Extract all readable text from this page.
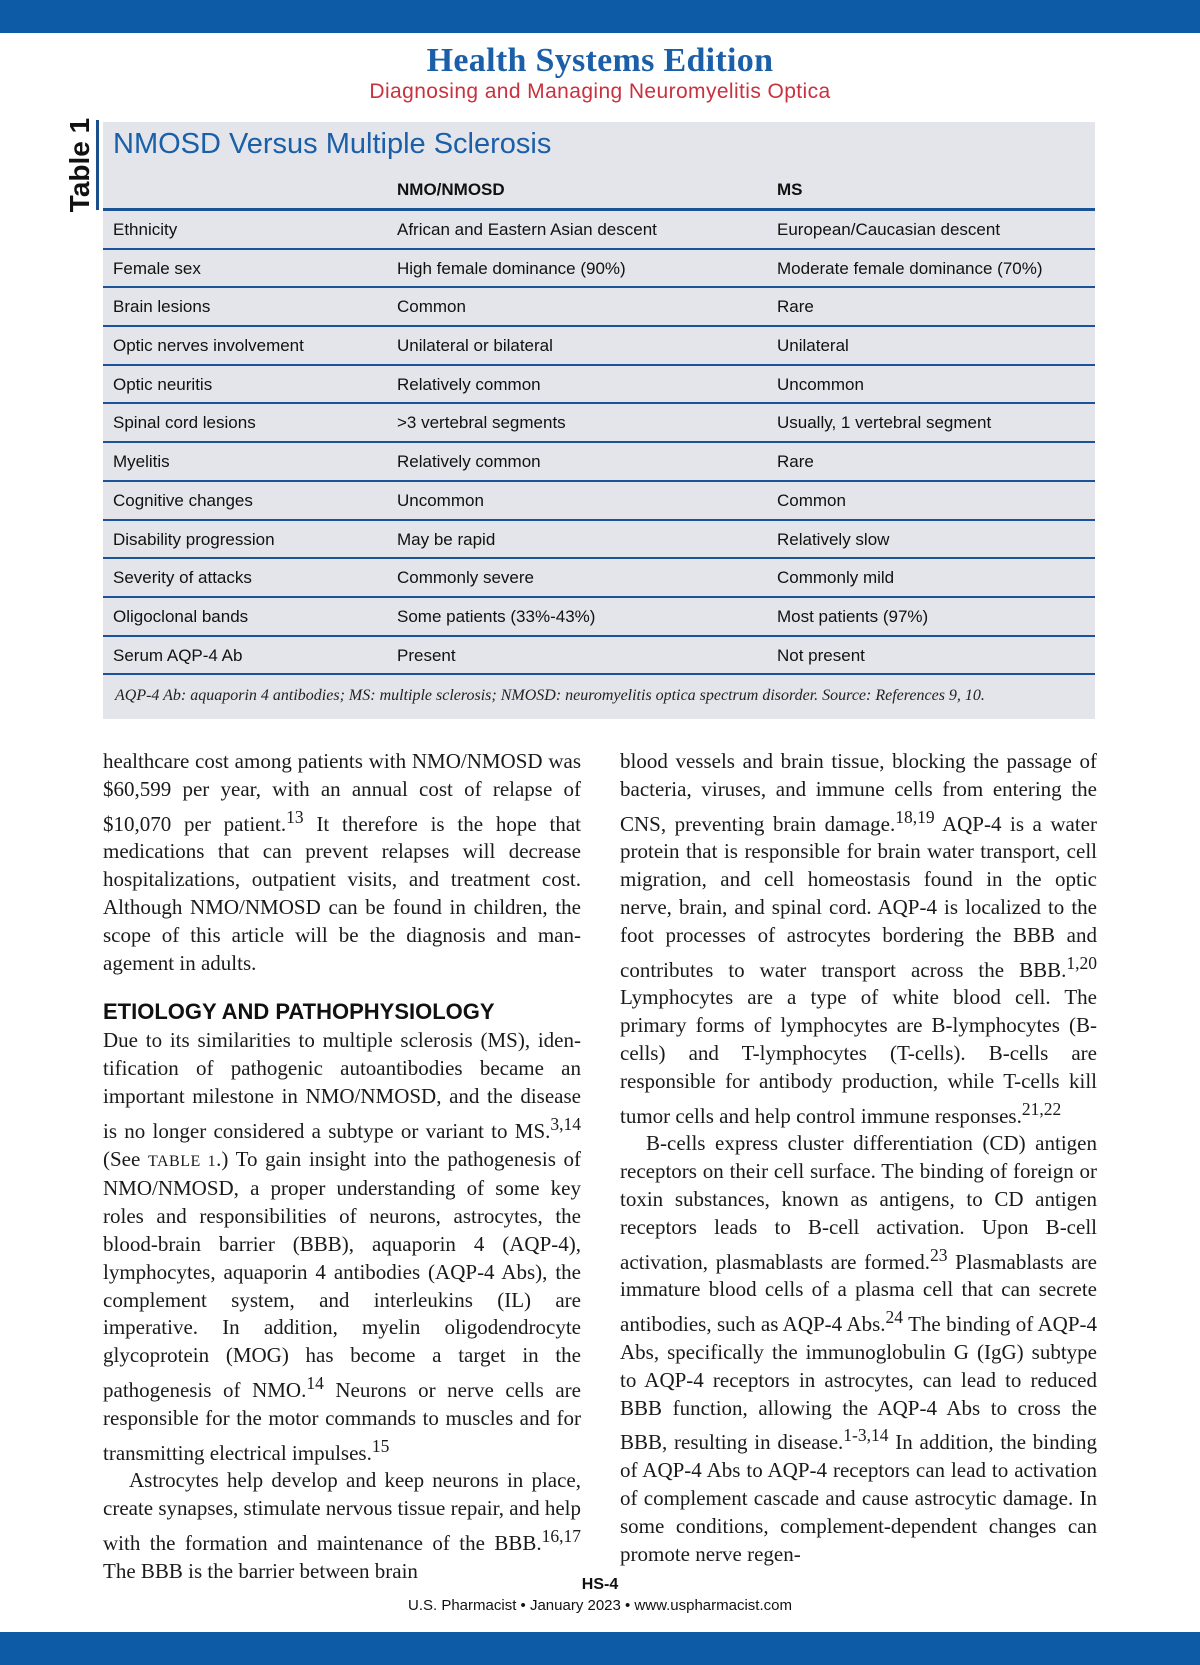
Health Systems Edition
Diagnosing and Managing Neuromyelitis Optica
Table 1 NMOSD Versus Multiple Sclerosis
NMO/NMOSD	MS
Ethnicity	African and Eastern Asian descent	European/Caucasian descent
Female sex	High female dominance (90%)	Moderate female dominance (70%)
Brain lesions	Common	Rare
Optic nerves involvement	Unilateral or bilateral	Unilateral
Optic neuritis	Relatively common	Uncommon
Spinal cord lesions	>3 vertebral segments	Usually, 1 vertebral segment
Myelitis	Relatively common	Rare
Cognitive changes	Uncommon	Common
Disability progression	May be rapid	Relatively slow
Severity of attacks	Commonly severe	Commonly mild
Oligoclonal bands	Some patients (33%-43%)	Most patients (97%)
Serum AQP-4 Ab	Present	Not present
AQP-4 Ab: aquaporin 4 antibodies; MS: multiple sclerosis; NMOSD: neuromyelitis optica spectrum disorder. Source: References 9, 10.

healthcare cost among patients with NMO/NMOSD was $60,599 per year, with an annual cost of relapse of $10,070 per patient.$^{13}$ It therefore is the hope that medications that can prevent relapses will decrease hospitalizations, outpatient visits, and treatment cost. Although NMO/NMOSD can be found in children, the scope of this article will be the diagnosis and management in adults.

ETIOLOGY AND PATHOPHYSIOLOGY

Due to its similarities to multiple sclerosis (MS), identification of pathogenic autoantibodies became an important milestone in NMO/NMOSD, and the disease is no longer considered a subtype or variant to MS.$^{3,14}$ (See TABLE 1.) To gain insight into the pathogenesis of NMO/NMOSD, a proper understanding of some key roles and responsibilities of neurons, astrocytes, the blood-brain barrier (BBB), aquaporin 4 (AQP-4), lymphocytes, aquaporin 4 antibodies (AQP-4 Abs), the complement system, and interleukins (IL) are imperative. In addition, myelin oligodendrocyte glycoprotein (MOG) has become a target in the pathogenesis of NMO.$^{14}$ Neurons or nerve cells are responsible for the motor commands to muscles and for transmitting electrical impulses.$^{15}$

Astrocytes help develop and keep neurons in place, create synapses, stimulate nervous tissue repair, and help with the formation and maintenance of the BBB.$^{16,17}$ The BBB is the barrier between brain

blood vessels and brain tissue, blocking the passage of bacteria, viruses, and immune cells from entering the CNS, preventing brain damage.$^{18,19}$ AQP-4 is a water protein that is responsible for brain water transport, cell migration, and cell homeostasis found in the optic nerve, brain, and spinal cord. AQP-4 is localized to the foot processes of astrocytes bordering the BBB and contributes to water transport across the BBB.$^{1,20}$ Lymphocytes are a type of white blood cell. The primary forms of lymphocytes are B-lymphocytes (B-cells) and T-lymphocytes (T-cells). B-cells are responsible for antibody production, while T-cells kill tumor cells and help control immune responses.$^{21,22}$

B-cells express cluster differentiation (CD) antigen receptors on their cell surface. The binding of foreign or toxin substances, known as antigens, to CD antigen receptors leads to B-cell activation. Upon B-cell activation, plasmablasts are formed.$^{23}$ Plasmablasts are immature blood cells of a plasma cell that can secrete antibodies, such as AQP-4 Abs.$^{24}$ The binding of AQP-4 Abs, specifically the immunoglobulin G (IgG) subtype to AQP-4 receptors in astrocytes, can lead to reduced BBB function, allowing the AQP-4 Abs to cross the BBB, resulting in disease.$^{1-3,14}$ In addition, the binding of AQP-4 Abs to AQP-4 receptors can lead to activation of complement cascade and cause astrocytic damage. In some conditions, complement-dependent changes can promote nerve regen-

HS-4
U.S. Pharmacist • January 2023 • www.uspharmacist.com
